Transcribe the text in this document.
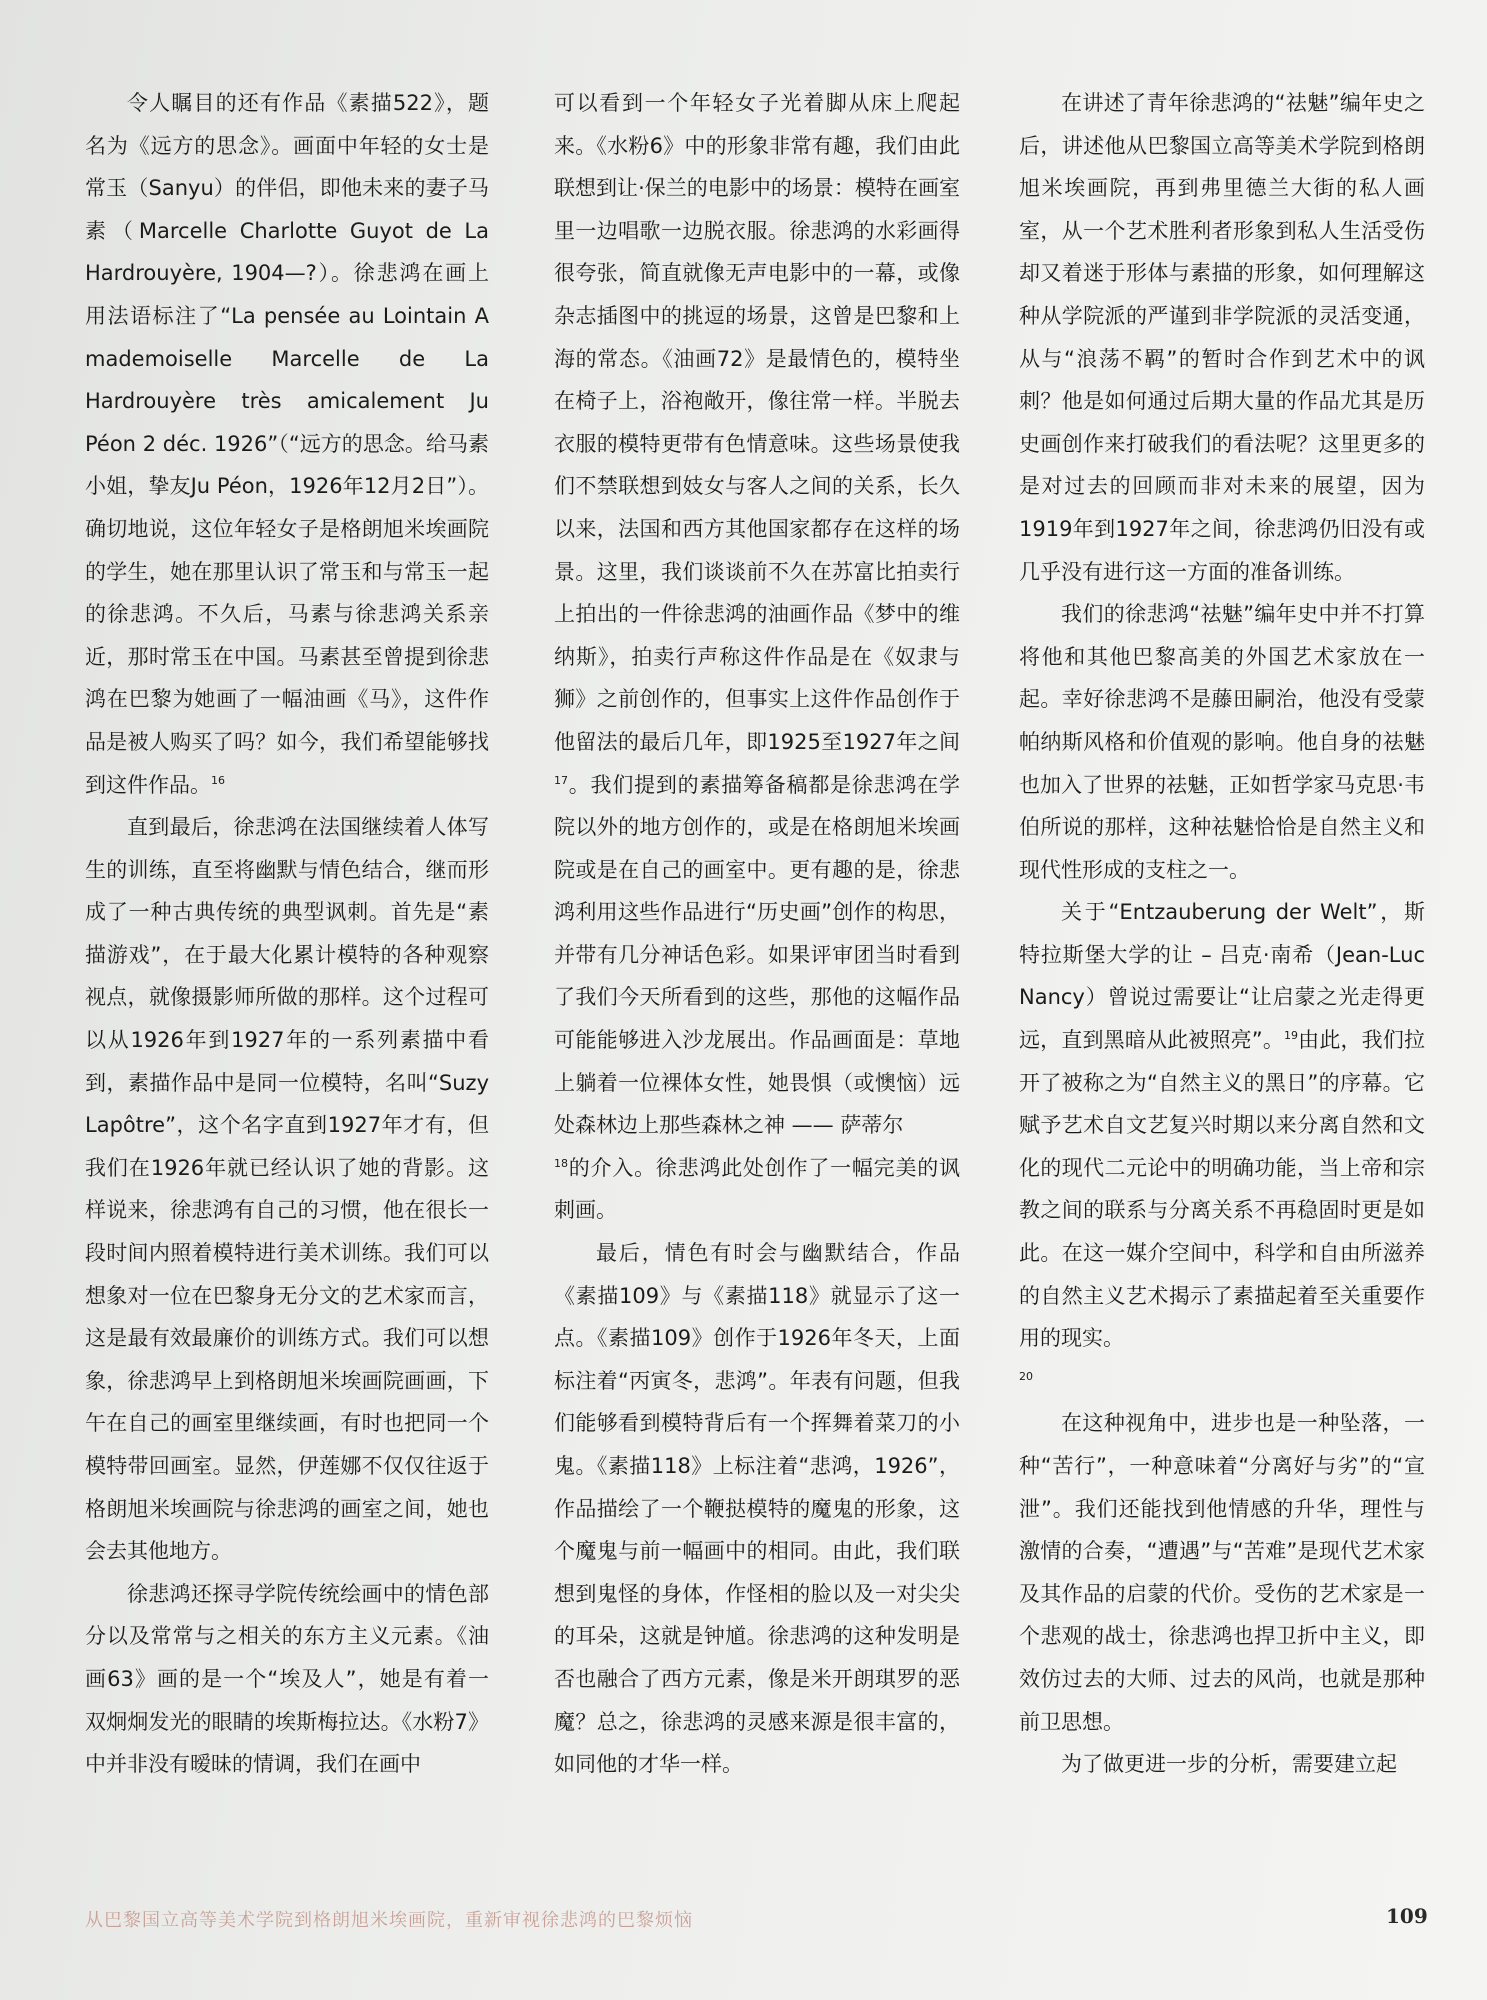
令人瞩目的还有作品《素描522》，题名为《远方的思念》。画面中年轻的女士是常玉（Sanyu）的伴侣，即他未来的妻子马素（Marcelle Charlotte Guyot de La Hardrouyère, 1904—?）。徐悲鸿在画上用法语标注了“La pensée au Lointain A mademoiselle Marcelle de La Hardrouyère très amicalement Ju Péon 2 déc. 1926”（“远方的思念。给马素小姐，挚友Ju Péon，1926年12月2日”）。确切地说，这位年轻女子是格朗旭米埃画院的学生，她在那里认识了常玉和与常玉一起的徐悲鸿。不久后，马素与徐悲鸿关系亲近，那时常玉在中国。马素甚至曾提到徐悲鸿在巴黎为她画了一幅油画《马》，这件作品是被人购买了吗？如今，我们希望能够找到这件作品。$^{16}$

直到最后，徐悲鸿在法国继续着人体写生的训练，直至将幽默与情色结合，继而形成了一种古典传统的典型讽刺。首先是“素描游戏”，在于最大化累计模特的各种观察视点，就像摄影师所做的那样。这个过程可以从1926年到1927年的一系列素描中看到，素描作品中是同一位模特，名叫“Suzy Lapôtre”，这个名字直到1927年才有，但我们在1926年就已经认识了她的背影。这样说来，徐悲鸿有自己的习惯，他在很长一段时间内照着模特进行美术训练。我们可以想象对一位在巴黎身无分文的艺术家而言，这是最有效最廉价的训练方式。我们可以想象，徐悲鸿早上到格朗旭米埃画院画画，下午在自己的画室里继续画，有时也把同一个模特带回画室。显然，伊莲娜不仅仅往返于格朗旭米埃画院与徐悲鸿的画室之间，她也会去其他地方。

徐悲鸿还探寻学院传统绘画中的情色部分以及常常与之相关的东方主义元素。《油画63》画的是一个“埃及人”，她是有着一双炯炯发光的眼睛的埃斯梅拉达。《水粉7》中并非没有暧昧的情调，我们在画中

可以看到一个年轻女子光着脚从床上爬起来。《水粉6》中的形象非常有趣，我们由此联想到让·保兰的电影中的场景：模特在画室里一边唱歌一边脱衣服。徐悲鸿的水彩画得很夸张，简直就像无声电影中的一幕，或像杂志插图中的挑逗的场景，这曾是巴黎和上海的常态。《油画72》是最情色的，模特坐在椅子上，浴袍敞开，像往常一样。半脱去衣服的模特更带有色情意味。这些场景使我们不禁联想到妓女与客人之间的关系，长久以来，法国和西方其他国家都存在这样的场景。这里，我们谈谈前不久在苏富比拍卖行上拍出的一件徐悲鸿的油画作品《梦中的维纳斯》，拍卖行声称这件作品是在《奴隶与狮》之前创作的，但事实上这件作品创作于他留法的最后几年，即1925至1927年之间$^{17}$。我们提到的素描筹备稿都是徐悲鸿在学院以外的地方创作的，或是在格朗旭米埃画院或是在自己的画室中。更有趣的是，徐悲鸿利用这些作品进行“历史画”创作的构思，并带有几分神话色彩。如果评审团当时看到了我们今天所看到的这些，那他的这幅作品可能能够进入沙龙展出。作品画面是：草地上躺着一位裸体女性，她畏惧（或懊恼）远处森林边上那些森林之神 —— 萨蒂尔

$^{18}$的介入。徐悲鸿此处创作了一幅完美的讽刺画。

最后，情色有时会与幽默结合，作品《素描109》与《素描118》就显示了这一点。《素描109》创作于1926年冬天，上面标注着“丙寅冬，悲鸿”。年表有问题，但我们能够看到模特背后有一个挥舞着菜刀的小鬼。《素描118》上标注着“悲鸿，1926”，作品描绘了一个鞭挞模特的魔鬼的形象，这个魔鬼与前一幅画中的相同。由此，我们联想到鬼怪的身体，作怪相的脸以及一对尖尖的耳朵，这就是钟馗。徐悲鸿的这种发明是否也融合了西方元素，像是米开朗琪罗的恶魔？总之，徐悲鸿的灵感来源是很丰富的，如同他的才华一样。

在讲述了青年徐悲鸿的“祛魅”编年史之后，讲述他从巴黎国立高等美术学院到格朗旭米埃画院，再到弗里德兰大街的私人画室，从一个艺术胜利者形象到私人生活受伤却又着迷于形体与素描的形象，如何理解这种从学院派的严谨到非学院派的灵活变通，从与“浪荡不羁”的暂时合作到艺术中的讽刺？他是如何通过后期大量的作品尤其是历史画创作来打破我们的看法呢？这里更多的是对过去的回顾而非对未来的展望，因为1919年到1927年之间，徐悲鸿仍旧没有或几乎没有进行这一方面的准备训练。

我们的徐悲鸿“祛魅”编年史中并不打算将他和其他巴黎高美的外国艺术家放在一起。幸好徐悲鸿不是藤田嗣治，他没有受蒙帕纳斯风格和价值观的影响。他自身的祛魅也加入了世界的祛魅，正如哲学家马克思·韦伯所说的那样，这种祛魅恰恰是自然主义和现代性形成的支柱之一。

关于“Entzauberung der Welt”，斯特拉斯堡大学的让 – 吕克·南希（Jean-Luc Nancy）曾说过需要让“让启蒙之光走得更远，直到黑暗从此被照亮”。$^{19}$由此，我们拉开了被称之为“自然主义的黑日”的序幕。它赋予艺术自文艺复兴时期以来分离自然和文化的现代二元论中的明确功能，当上帝和宗教之间的联系与分离关系不再稳固时更是如此。在这一媒介空间中，科学和自由所滋养的自然主义艺术揭示了素描起着至关重要作用的现实。

$^{20}$

在这种视角中，进步也是一种坠落，一种“苦行”，一种意味着“分离好与劣”的“宣泄”。我们还能找到他情感的升华，理性与激情的合奏，“遭遇”与“苦难”是现代艺术家及其作品的启蒙的代价。受伤的艺术家是一个悲观的战士，徐悲鸿也捍卫折中主义，即效仿过去的大师、过去的风尚，也就是那种前卫思想。

为了做更进一步的分析，需要建立起

从巴黎国立高等美术学院到格朗旭米埃画院，重新审视徐悲鸿的巴黎烦恼	109
